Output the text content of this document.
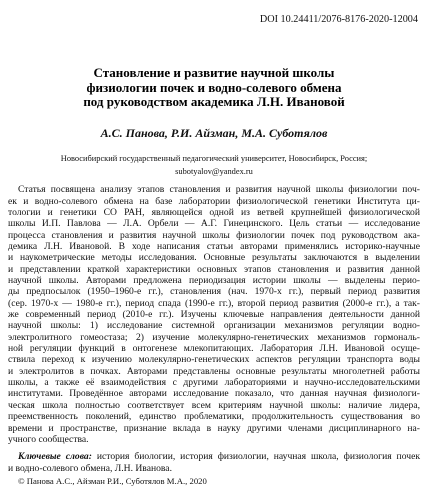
DOI 10.24411/2076-8176-2020-12004
Становление и развитие научной школы
физиологии почек и водно-солевого обмена
под руководством академика Л.Н. Ивановой
А.С. Панова, Р.И. Айзман, М.А. Суботялов
Новосибирский государственный педагогический университет, Новосибирск, Россия;
subotyalov@yandex.ru
Статья посвящена анализу этапов становления и развития научной школы физиологии поч-
ек и водно-солевого обмена на базе лаборатории физиологической генетики Института ци-
тологии и генетики СО РАН, являющейся одной из ветвей крупнейшей физиологической
школы И.П. Павлова — Л.А. Орбели — А.Г. Гинецинского. Цель статьи — исследование
процесса становления и развития научной школы физиологии почек под руководством ака-
демика Л.Н. Ивановой. В ходе написания статьи авторами применялись историко-научные
и наукометрические методы исследования. Основные результаты заключаются в выделении
и представлении краткой характеристики основных этапов становления и развития данной
научной школы. Авторами предложена периодизация истории школы — выделены перио-
ды предпосылок (1950–1960-е гг.), становления (нач. 1970-х гг.), первый период развития
(сер. 1970-х — 1980-е гг.), период спада (1990-е гг.), второй период развития (2000-е гг.), а так-
же современный период (2010-е гг.). Изучены ключевые направления деятельности данной
научной школы: 1) исследование системной организации механизмов регуляции водно-
электролитного гомеостаза; 2) изучение молекулярно-генетических механизмов гормональ-
ной регуляции функций в онтогенезе млекопитающих. Лаборатория Л.Н. Ивановой осуще-
ствила переход к изучению молекулярно-генетических аспектов регуляции транспорта воды
и электролитов в почках. Авторами представлены основные результаты многолетней работы
школы, а также её взаимодействия с другими лабораториями и научно-исследовательскими
институтами. Проведённое авторами исследование показало, что данная научная физиологи-
ческая школа полностью соответствует всем критериям научной школы: наличие лидера,
преемственность поколений, единство проблематики, продолжительность существования во
времени и пространстве, признание вклада в науку другими членами дисциплинарного на-
учного сообщества.
Ключевые слова: история биологии, история физиологии, научная школа, физиология почек
и водно-солевого обмена, Л.Н. Иванова.
© Панова А.С., Айзман Р.И., Суботялов М.А., 2020
